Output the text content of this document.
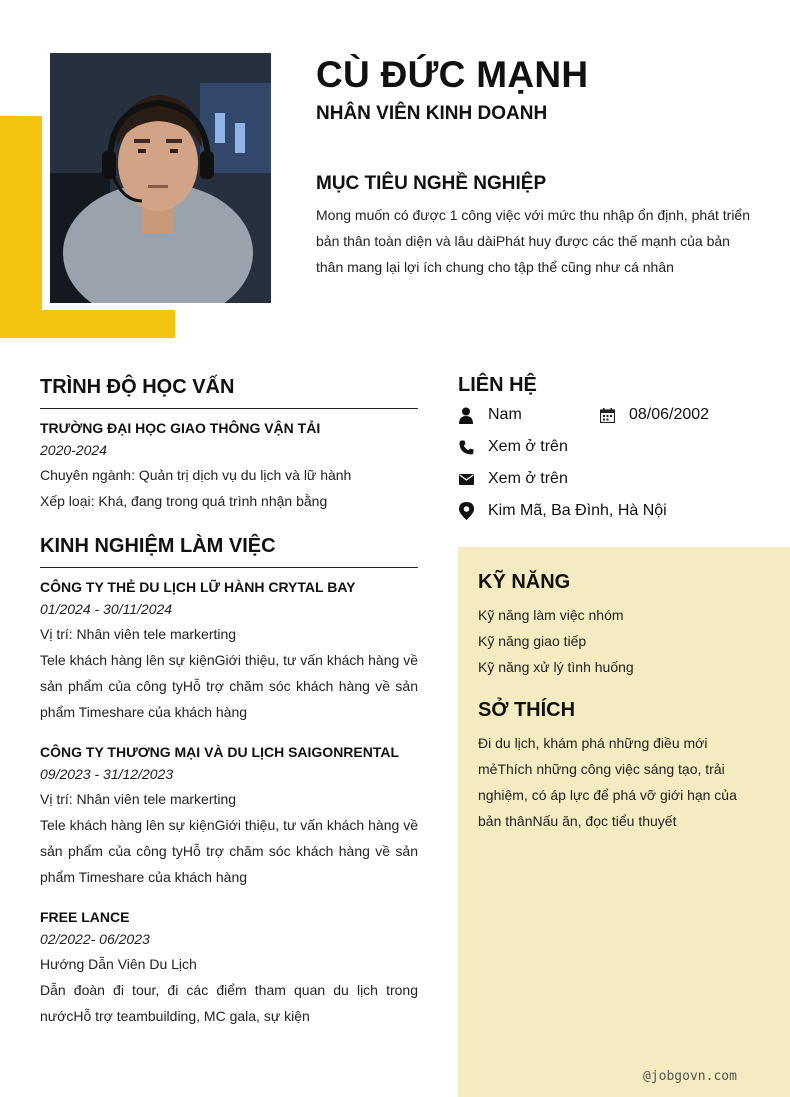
CÙ ĐỨC MẠNH
NHÂN VIÊN KINH DOANH
MỤC TIÊU NGHỀ NGHIỆP
Mong muốn có được 1 công việc với mức thu nhập ổn định, phát triển bản thân toàn diện và lâu dàiPhát huy được các thế mạnh của bản thân mang lại lợi ích chung cho tập thể cũng như cá nhân
TRÌNH ĐỘ HỌC VẤN
TRƯỜNG ĐẠI HỌC GIAO THÔNG VẬN TẢI
2020-2024
Chuyên ngành: Quản trị dịch vụ du lịch và lữ hành
Xếp loại: Khá, đang trong quá trình nhận bằng
KINH NGHIỆM LÀM VIỆC
CÔNG TY THẺ DU LỊCH LỮ HÀNH CRYTAL BAY
01/2024 - 30/11/2024
Vị trí: Nhân viên tele markerting
Tele khách hàng lên sự kiệnGiới thiệu, tư vấn khách hàng về sản phẩm của công tyHỗ trợ chăm sóc khách hàng về sản phẩm Timeshare của khách hàng
CÔNG TY THƯƠNG MẠI VÀ DU LỊCH SAIGONRENTAL
09/2023 - 31/12/2023
Vị trí: Nhân viên tele markerting
Tele khách hàng lên sự kiệnGiới thiệu, tư vấn khách hàng về sản phẩm của công tyHỗ trợ chăm sóc khách hàng về sản phẩm Timeshare của khách hàng
FREE LANCE
02/2022- 06/2023
Hướng Dẫn Viên Du Lịch
Dẫn đoàn đi tour, đi các điểm tham quan du lịch trong nướcHỗ trợ teambuilding, MC gala, sự kiện
LIÊN HỆ
Nam	08/06/2002
Xem ở trên
Xem ở trên
Kim Mã, Ba Đình, Hà Nội
KỸ NĂNG
Kỹ năng làm việc nhóm
Kỹ năng giao tiếp
Kỹ năng xử lý tình huống
SỞ THÍCH
Đi du lịch, khám phá những điều mới mẻThích những công việc sáng tạo, trải nghiệm, có áp lực để phá vỡ giới hạn của bản thânNấu ăn, đọc tiểu thuyết
@jobgovn.com
